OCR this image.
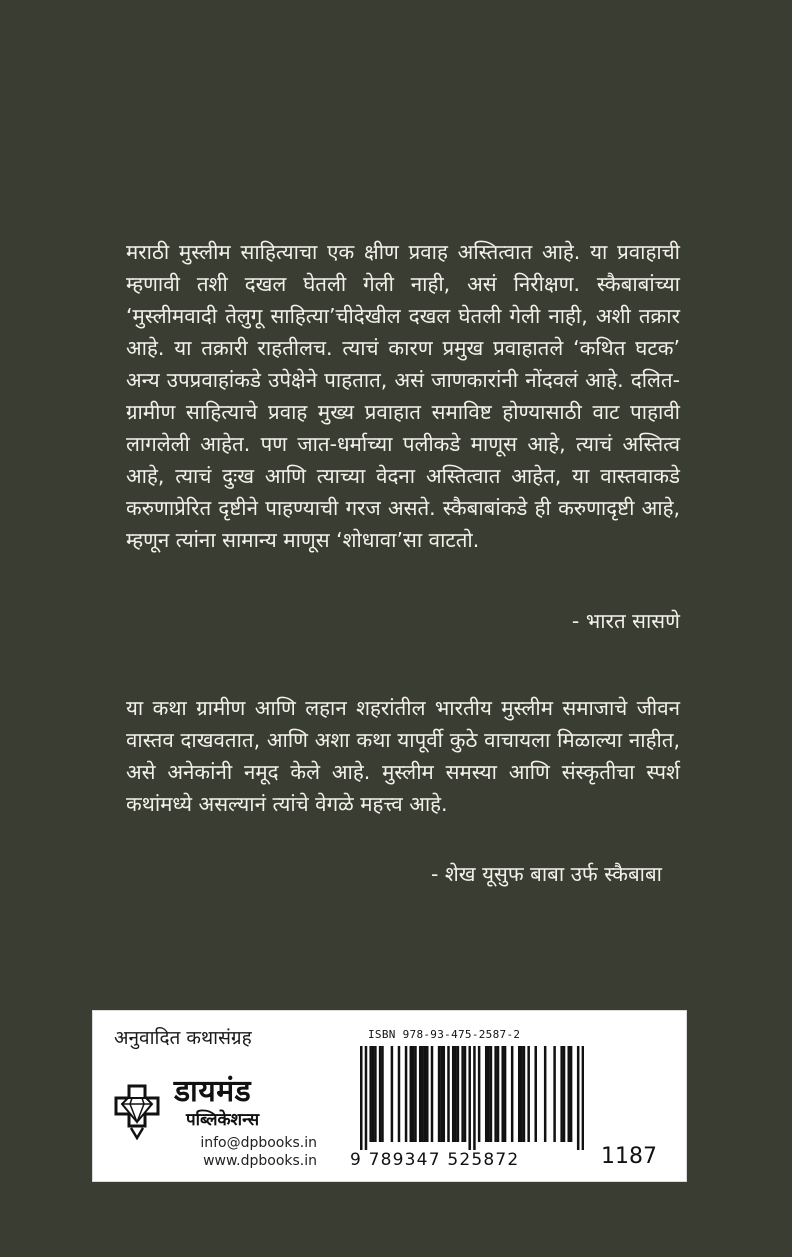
मराठी मुस्लीम साहित्याचा एक क्षीण प्रवाह अस्तित्वात आहे. या प्रवाहाची म्हणावी तशी दखल घेतली गेली नाही, असं निरीक्षण. स्कैबाबांच्या ‘मुस्लीमवादी तेलुगू साहित्या’चीदेखील दखल घेतली गेली नाही, अशी तक्रार आहे. या तक्रारी राहतीलच. त्याचं कारण प्रमुख प्रवाहातले ‘कथित घटक’ अन्य उपप्रवाहांकडे उपेक्षेने पाहतात, असं जाणकारांनी नोंदवलं आहे. दलित-ग्रामीण साहित्याचे प्रवाह मुख्य प्रवाहात समाविष्ट होण्यासाठी वाट पाहावी लागलेली आहेत. पण जात-धर्माच्या पलीकडे माणूस आहे, त्याचं अस्तित्व आहे, त्याचं दुःख आणि त्याच्या वेदना अस्तित्वात आहेत, या वास्तवाकडे करुणाप्रेरित दृष्टीने पाहण्याची गरज असते. स्कैबाबांकडे ही करुणादृष्टी आहे, म्हणून त्यांना सामान्य माणूस ‘शोधावा’सा वाटतो.

- भारत सासणे

या कथा ग्रामीण आणि लहान शहरांतील भारतीय मुस्लीम समाजाचे जीवन वास्तव दाखवतात, आणि अशा कथा यापूर्वी कुठे वाचायला मिळाल्या नाहीत, असे अनेकांनी नमूद केले आहे. मुस्लीम समस्या आणि संस्कृतीचा स्पर्श कथांमध्ये असल्यानं त्यांचे वेगळे महत्त्व आहे.

- शेख यूसुफ बाबा उर्फ स्कैबाबा
अनुवादित कथासंग्रह
डायमंड
पब्लिकेशन्स
info@dpbooks.in
www.dpbooks.in
ISBN 978-93-475-2587-2
9 789347 525872	1187
